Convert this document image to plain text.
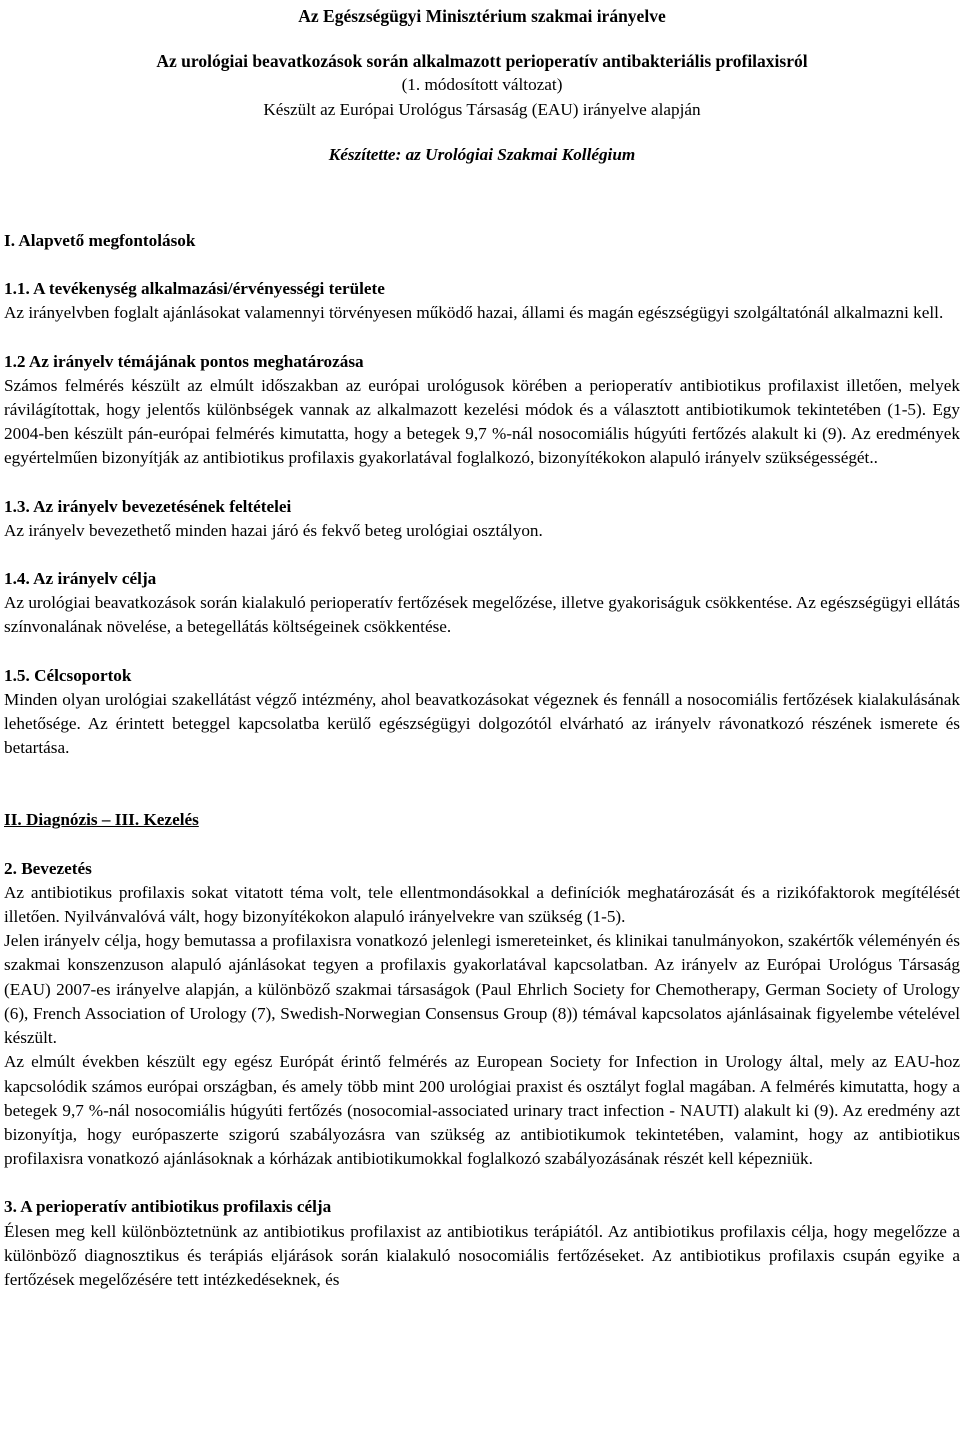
Az Egészségügyi Minisztérium szakmai irányelve
Az urológiai beavatkozások során alkalmazott perioperatív antibakteriális profilaxisról
(1. módosított változat)
Készült az Európai Urológus Társaság (EAU) irányelve alapján
Készítette: az Urológiai Szakmai Kollégium
I. Alapvető megfontolások
1.1. A tevékenység alkalmazási/érvényességi területe

Az irányelvben foglalt ajánlásokat valamennyi törvényesen működő hazai, állami és magán egészségügyi szolgáltatónál alkalmazni kell.

1.2 Az irányelv témájának pontos meghatározása

Számos felmérés készült az elmúlt időszakban az európai urológusok körében a perioperatív antibiotikus profilaxist illetően, melyek rávilágítottak, hogy jelentős különbségek vannak az alkalmazott kezelési módok és a választott antibiotikumok tekintetében (1-5). Egy 2004-ben készült pán-európai felmérés kimutatta, hogy a betegek 9,7 %-nál nosocomiális húgyúti fertőzés alakult ki (9). Az eredmények egyértelműen bizonyítják az antibiotikus profilaxis gyakorlatával foglalkozó, bizonyítékokon alapuló irányelv szükségességét..

1.3. Az irányelv bevezetésének feltételei

Az irányelv bevezethető minden hazai járó és fekvő beteg urológiai osztályon.

1.4. Az irányelv célja

Az urológiai beavatkozások során kialakuló perioperatív fertőzések megelőzése, illetve gyakoriságuk csökkentése. Az egészségügyi ellátás színvonalának növelése, a betegellátás költségeinek csökkentése.

1.5. Célcsoportok

Minden olyan urológiai szakellátást végző intézmény, ahol beavatkozásokat végeznek és fennáll a nosocomiális fertőzések kialakulásának lehetősége. Az érintett beteggel kapcsolatba kerülő egészségügyi dolgozótól elvárható az irányelv rávonatkozó részének ismerete és betartása.

II. Diagnózis – III. Kezelés
2. Bevezetés

Az antibiotikus profilaxis sokat vitatott téma volt, tele ellentmondásokkal a definíciók meghatározását és a rizikófaktorok megítélését illetően. Nyilvánvalóvá vált, hogy bizonyítékokon alapuló irányelvekre van szükség (1-5).

Jelen irányelv célja, hogy bemutassa a profilaxisra vonatkozó jelenlegi ismereteinket, és klinikai tanulmányokon, szakértők véleményén és szakmai konszenzuson alapuló ajánlásokat tegyen a profilaxis gyakorlatával kapcsolatban. Az irányelv az Európai Urológus Társaság (EAU) 2007-es irányelve alapján, a különböző szakmai társaságok (Paul Ehrlich Society for Chemotherapy, German Society of Urology (6), French Association of Urology (7), Swedish-Norwegian Consensus Group (8)) témával kapcsolatos ajánlásainak figyelembe vételével készült.

Az elmúlt években készült egy egész Európát érintő felmérés az European Society for Infection in Urology által, mely az EAU-hoz kapcsolódik számos európai országban, és amely több mint 200 urológiai praxist és osztályt foglal magában. A felmérés kimutatta, hogy a betegek 9,7 %-nál nosocomiális húgyúti fertőzés (nosocomial-associated urinary tract infection - NAUTI) alakult ki (9). Az eredmény azt bizonyítja, hogy európaszerte szigorú szabályozásra van szükség az antibiotikumok tekintetében, valamint, hogy az antibiotikus profilaxisra vonatkozó ajánlásoknak a kórházak antibiotikumokkal foglalkozó szabályozásának részét kell képezniük.

3. A perioperatív antibiotikus profilaxis célja

Élesen meg kell különböztetnünk az antibiotikus profilaxist az antibiotikus terápiától. Az antibiotikus profilaxis célja, hogy megelőzze a különböző diagnosztikus és terápiás eljárások során kialakuló nosocomiális fertőzéseket. Az antibiotikus profilaxis csupán egyike a fertőzések megelőzésére tett intézkedéseknek, és
